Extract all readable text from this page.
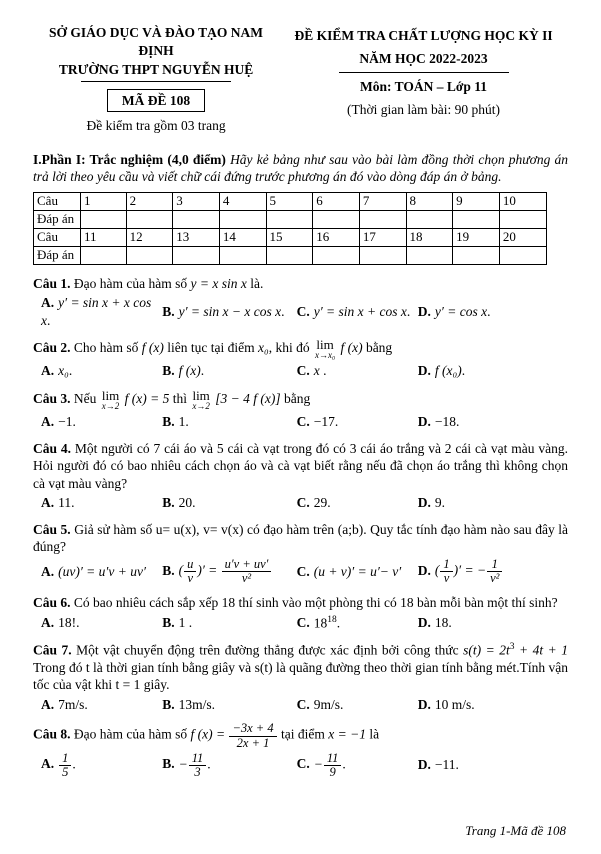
SỞ GIÁO DỤC VÀ ĐÀO TẠO NAM ĐỊNH
TRƯỜNG THPT NGUYỄN HUỆ
MÃ ĐỀ 108
Đề kiểm tra gồm 03 trang
ĐỀ KIỂM TRA CHẤT LƯỢNG HỌC KỲ II
NĂM HỌC 2022-2023
Môn: TOÁN – Lớp 11
(Thời gian làm bài: 90 phút)

I.Phần I: Trắc nghiệm (4,0 điểm) Hãy kẻ bảng như sau vào bài làm đồng thời chọn phương án trả lời theo yêu cầu và viết chữ cái đứng trước phương án đó vào dòng đáp án ở bảng.

Câu	1	2	3	4	5	6	7	8	9	10
Đáp án										
Câu	11	12	13	14	15	16	17	18	19	20
Đáp án										
Câu 1. Đạo hàm của hàm số y = x sin x là.
A. y′ = sin x + x cos x.
B. y′ = sin x − x cos x. C. y′ = sin x + cos x. D. y′ = cos x.
Câu 2. Cho hàm số f (x) liên tục tại điểm x₀, khi đó lim
x→x₀ f (x) bằng
A. x₀.	B. f (x).	C. x .	D. f (x₀).
Câu 3. Nếu lim
x→2 f (x) = 5 thì lim
x→2 [3 − 4 f (x)] bằng
A. −1.	B. 1.	C. −17.	D. −18.
Câu 4. Một người có 7 cái áo và 5 cái cà vạt trong đó có 3 cái áo trắng và 2 cái cà vạt màu vàng. Hỏi người đó có bao nhiêu cách chọn áo và cà vạt biết rằng nếu đã chọn áo trắng thì không chọn cà vạt màu vàng?
A. 11.	B. 20.	C. 29.	D. 9.
Câu 5. Giả sử hàm số u= u(x), v= v(x) có đạo hàm trên (a;b). Quy tắc tính đạo hàm nào sau đây là đúng?
A. (uv)′ = u′v + uv′	B. ( $\frac{u}{v}$ )′ = $\frac{u'v + uv'}{\text{v²}} C$. (u + v)′ = u′− v′	D. ( $\frac{1}{v}$ )′ = − $\frac{1}{\text{v²}}$
Câu 6. Có bao nhiêu cách sắp xếp 18 thí sinh vào một phòng thi có 18 bàn mỗi bàn một thí sinh?
A. 18!.	B. 1 .	C. $18^{18}$.	D. 18.
Câu 7. Một vật chuyển động trên đường thẳng được xác định bởi công thức $s(t) = 2t^3 + 4t + 1$ Trong đó t là thời gian tính bằng giây và s(t) là quãng đường theo thời gian tính bằng mét.Tính vận tốc của vật khi t = 1 giây.
A. 7m/s.	B. 13m/s.	C. 9m/s.	D. 10 m/s.
Câu 8. Đạo hàm của hàm số f $(x) = \frac{-3x + 4}{2x + 1}$ tại điểm x = −1 là
A. $\frac{1}{5}$ .	B. − $\frac{11}{3}$ .	C. − $\frac{11}{9}$ .	D. −11.
Trang 1-Mã đề 108
